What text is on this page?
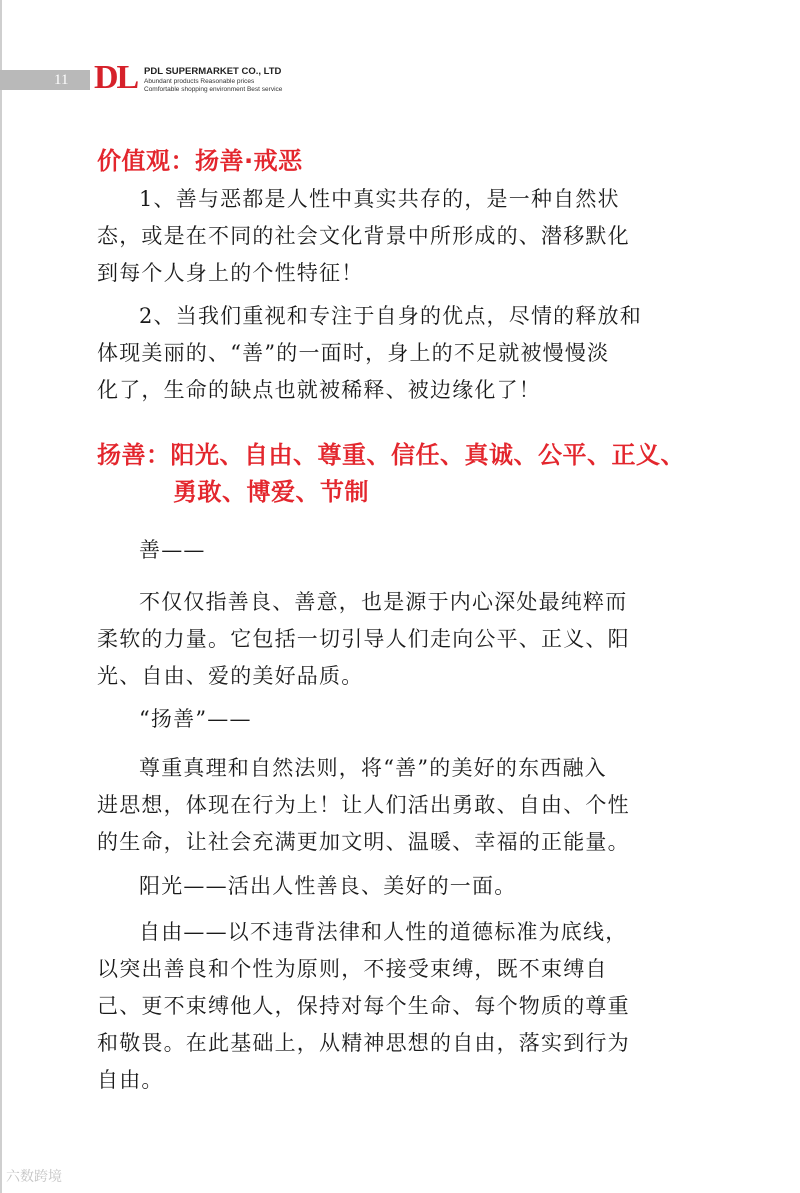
11 DL PDL SUPERMARKET CO., LTD
Abundant products Reasonable prices
Comfortable shopping environment Best service
价值观：扬善·戒恶
1、善与恶都是人性中真实共存的，是一种自然状
态，或是在不同的社会文化背景中所形成的、潜移默化
到每个人身上的个性特征！
2、当我们重视和专注于自身的优点，尽情的释放和
体现美丽的、“善”的一面时，身上的不足就被慢慢淡
化了，生命的缺点也就被稀释、被边缘化了！
扬善：阳光、自由、尊重、信任、真诚、公平、正义、
勇敢、博爱、节制
善——
不仅仅指善良、善意，也是源于内心深处最纯粹而
柔软的力量。它包括一切引导人们走向公平、正义、阳
光、自由、爱的美好品质。
“扬善”——
尊重真理和自然法则，将“善”的美好的东西融入
进思想，体现在行为上！让人们活出勇敢、自由、个性
的生命，让社会充满更加文明、温暖、幸福的正能量。
阳光——活出人性善良、美好的一面。
自由——以不违背法律和人性的道德标准为底线，
以突出善良和个性为原则，不接受束缚，既不束缚自
己、更不束缚他人，保持对每个生命、每个物质的尊重
和敬畏。在此基础上，从精神思想的自由，落实到行为
自由。
六数跨境
